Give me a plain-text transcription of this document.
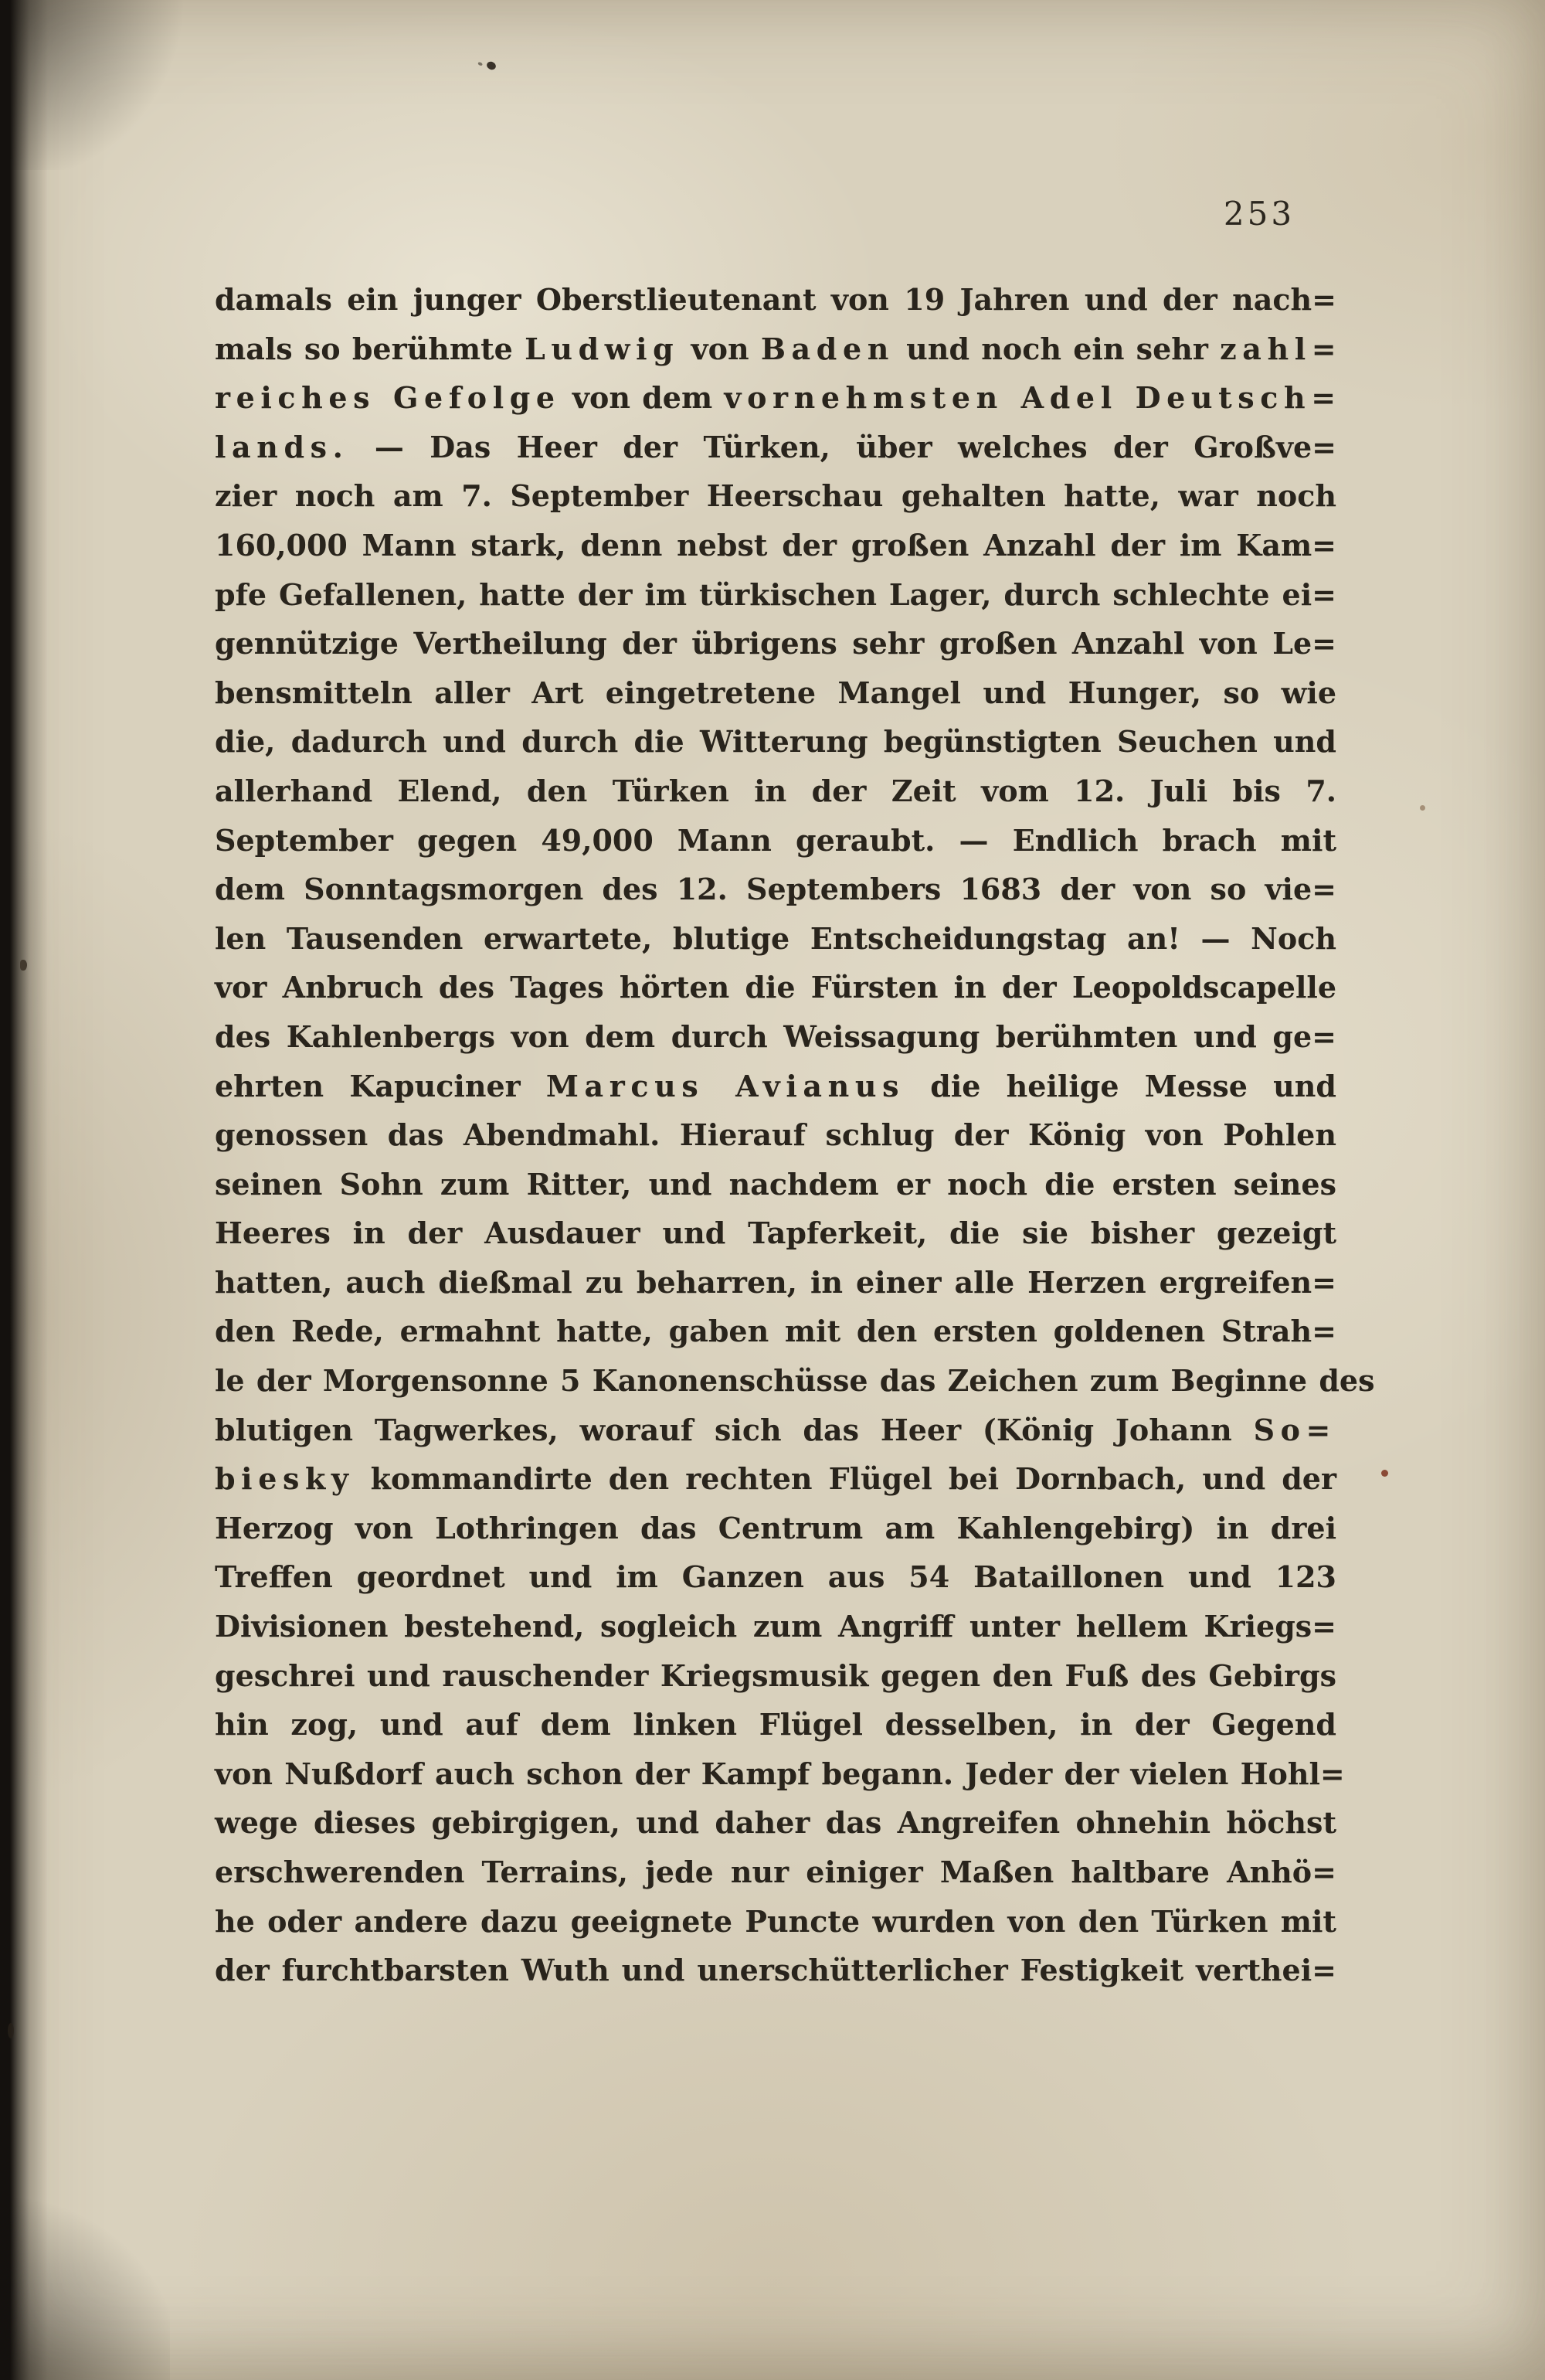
253
damals ein junger Oberstlieutenant von 19 Jahren und der nach=
mals so berühmte Ludwig von Baden und noch ein sehr zahl=
reiches Gefolge von dem vornehmsten Adel Deutsch=
lands. — Das Heer der Türken, über welches der Großve=
zier noch am 7. September Heerschau gehalten hatte, war noch
160,000 Mann stark, denn nebst der großen Anzahl der im Kam=
pfe Gefallenen, hatte der im türkischen Lager, durch schlechte ei=
gennützige Vertheilung der übrigens sehr großen Anzahl von Le=
bensmitteln aller Art eingetretene Mangel und Hunger, so wie
die, dadurch und durch die Witterung begünstigten Seuchen und
allerhand Elend, den Türken in der Zeit vom 12. Juli bis 7.
September gegen 49,000 Mann geraubt. — Endlich brach mit
dem Sonntagsmorgen des 12. Septembers 1683 der von so vie=
len Tausenden erwartete, blutige Entscheidungstag an! — Noch
vor Anbruch des Tages hörten die Fürsten in der Leopoldscapelle
des Kahlenbergs von dem durch Weissagung berühmten und ge=
ehrten Kapuciner Marcus Avianus die heilige Messe und
genossen das Abendmahl. Hierauf schlug der König von Pohlen
seinen Sohn zum Ritter, und nachdem er noch die ersten seines
Heeres in der Ausdauer und Tapferkeit, die sie bisher gezeigt
hatten, auch dießmal zu beharren, in einer alle Herzen ergreifen=
den Rede, ermahnt hatte, gaben mit den ersten goldenen Strah=
le der Morgensonne 5 Kanonenschüsse das Zeichen zum Beginne des
blutigen Tagwerkes, worauf sich das Heer (König Johann So=
biesky kommandirte den rechten Flügel bei Dornbach, und der
Herzog von Lothringen das Centrum am Kahlengebirg) in drei
Treffen geordnet und im Ganzen aus 54 Bataillonen und 123
Divisionen bestehend, sogleich zum Angriff unter hellem Kriegs=
geschrei und rauschender Kriegsmusik gegen den Fuß des Gebirgs
hin zog, und auf dem linken Flügel desselben, in der Gegend
von Nußdorf auch schon der Kampf begann. Jeder der vielen Hohl=
wege dieses gebirgigen, und daher das Angreifen ohnehin höchst
erschwerenden Terrains, jede nur einiger Maßen haltbare Anhö=
he oder andere dazu geeignete Puncte wurden von den Türken mit
der furchtbarsten Wuth und unerschütterlicher Festigkeit verthei=
